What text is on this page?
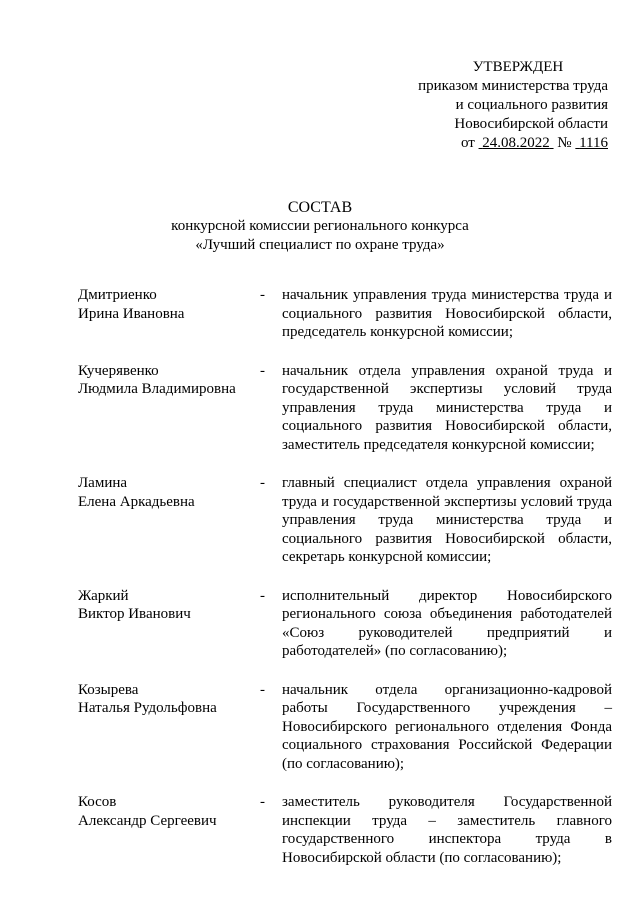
УТВЕРЖДЕН
приказом министерства труда
и социального развития
Новосибирской области
от 24.08.2022 № 1116
СОСТАВ
конкурсной комиссии регионального конкурса
«Лучший специалист по охране труда»
Дмитриенко
Ирина Ивановна
-	начальник управления труда министерства труда и социального развития Новосибирской области, председатель конкурсной комиссии;
Кучерявенко
Людмила Владимировна
-	начальник отдела управления охраной труда и государственной экспертизы условий труда управления труда министерства труда и социального развития Новосибирской области, заместитель председателя конкурсной комиссии;
Ламина
Елена Аркадьевна
-	главный специалист отдела управления охраной труда и государственной экспертизы условий труда управления труда министерства труда и социального развития Новосибирской области, секретарь конкурсной комиссии;
Жаркий
Виктор Иванович
-	исполнительный директор Новосибирского регионального союза объединения работодателей «Союз руководителей предприятий и работодателей» (по согласованию);
Козырева
Наталья Рудольфовна
-	начальник отдела организационно-кадровой работы Государственного учреждения – Новосибирского регионального отделения Фонда социального страхования Российской Федерации (по согласованию);
Косов
Александр Сергеевич
-	заместитель руководителя Государственной инспекции труда – заместитель главного государственного инспектора труда в Новосибирской области (по согласованию);
